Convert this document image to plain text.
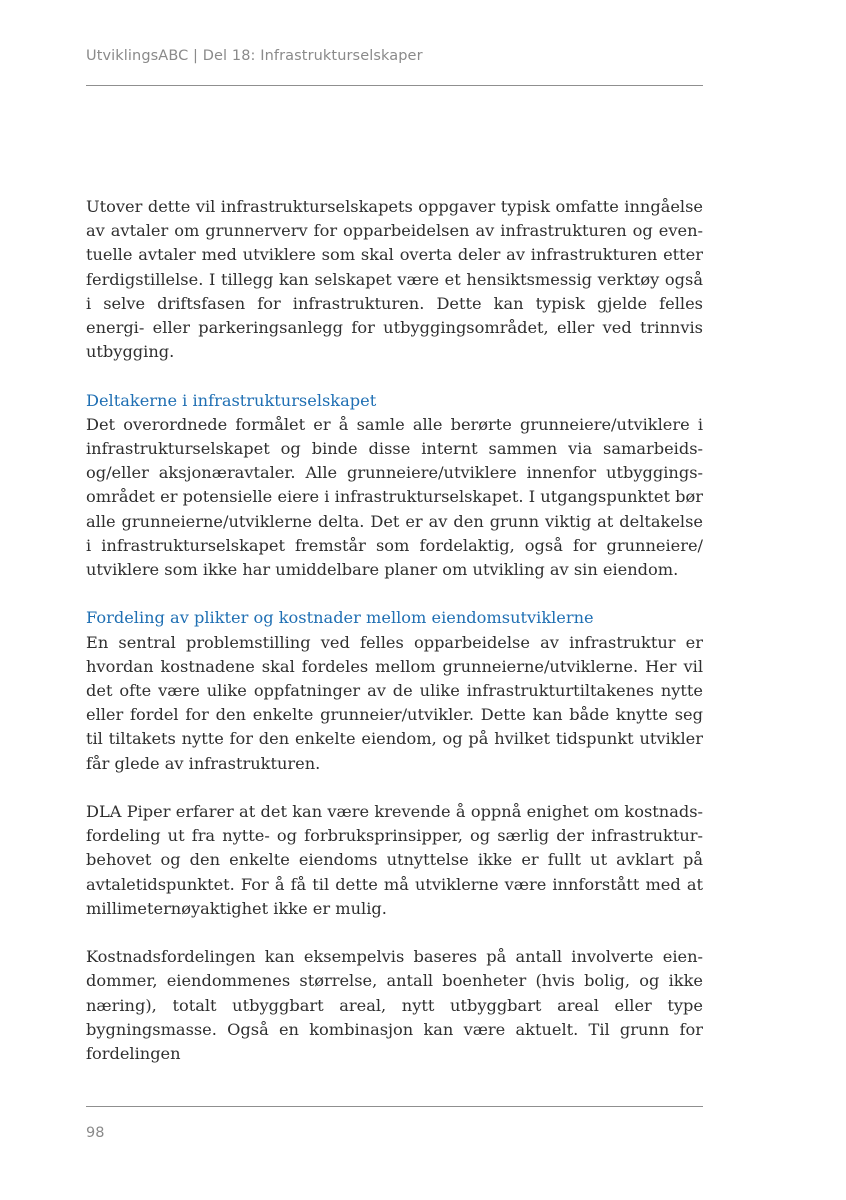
UtviklingsABC | Del 18: Infrastrukturselskaper

Utover dette vil infrastrukturselskapets oppgaver typisk omfatte inngåelse av avtaler om grunnerverv for opparbeidelsen av infrastrukturen og eventuelle avtaler med utviklere som skal overta deler av infrastrukturen etter ferdigstillelse. I tillegg kan selskapet være et hensiktsmessig verktøy også i selve driftsfasen for infrastrukturen. Dette kan typisk gjelde felles energi- eller parkeringsanlegg for utbyggingsområdet, eller ved trinnvis utbygging.

Deltakerne i infrastrukturselskapet

Det overordnede formålet er å samle alle berørte grunneiere/utviklere i infrastrukturselskapet og binde disse internt sammen via samarbeids- og/eller aksjonæravtaler. Alle grunneiere/utviklere innenfor utbyggingsområdet er potensielle eiere i infrastrukturselskapet. I utgangspunktet bør alle grunneierne/utviklerne delta. Det er av den grunn viktig at deltakelse i infrastrukturselskapet fremstår som fordelaktig, også for grunneiere/ utviklere som ikke har umiddelbare planer om utvikling av sin eiendom.

Fordeling av plikter og kostnader mellom eiendomsutviklerne

En sentral problemstilling ved felles opparbeidelse av infrastruktur er hvordan kostnadene skal fordeles mellom grunneierne/utviklerne. Her vil det ofte være ulike oppfatninger av de ulike infrastrukturtiltakenes nytte eller fordel for den enkelte grunneier/utvikler. Dette kan både knytte seg til tiltakets nytte for den enkelte eiendom, og på hvilket tidspunkt utvikler får glede av infrastrukturen.

DLA Piper erfarer at det kan være krevende å oppnå enighet om kostnadsfordeling ut fra nytte- og forbruksprinsipper, og særlig der infrastrukturbehovet og den enkelte eiendoms utnyttelse ikke er fullt ut avklart på avtaletidspunktet. For å få til dette må utviklerne være innforstått med at millimeternøyaktighet ikke er mulig.

Kostnadsfordelingen kan eksempelvis baseres på antall involverte eiendommer, eiendommenes størrelse, antall boenheter (hvis bolig, og ikke næring), totalt utbyggbart areal, nytt utbyggbart areal eller type bygningsmasse. Også en kombinasjon kan være aktuelt. Til grunn for fordelingen

98
